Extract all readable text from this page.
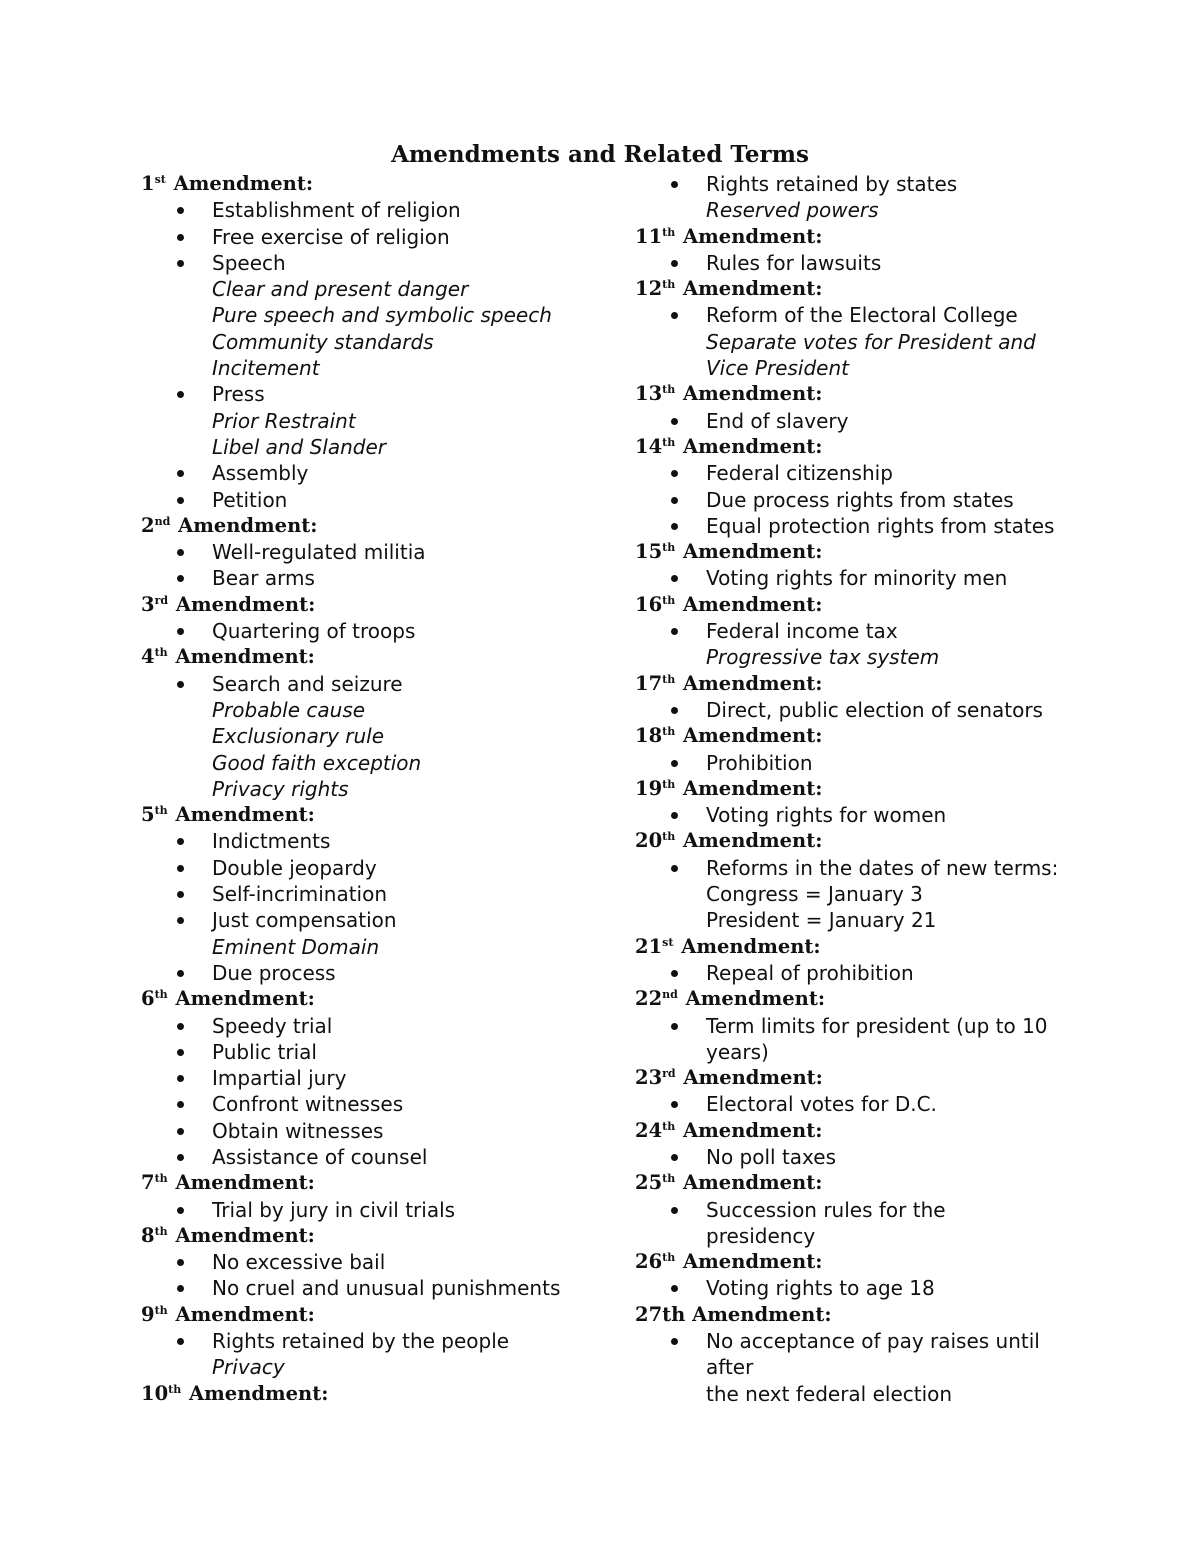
Amendments and Related Terms
1st Amendment:
Establishment of religion
Free exercise of religion
Speech
Clear and present danger
Pure speech and symbolic speech
Community standards
Incitement
Press
Prior Restraint
Libel and Slander
Assembly
Petition
2nd Amendment:
Well-regulated militia
Bear arms
3rd Amendment:
Quartering of troops
4th Amendment:
Search and seizure
Probable cause
Exclusionary rule
Good faith exception
Privacy rights
5th Amendment:
Indictments
Double jeopardy
Self-incrimination
Just compensation
Eminent Domain
Due process
6th Amendment:
Speedy trial
Public trial
Impartial jury
Confront witnesses
Obtain witnesses
Assistance of counsel
7th Amendment:
Trial by jury in civil trials
8th Amendment:
No excessive bail
No cruel and unusual punishments
9th Amendment:
Rights retained by the people
Privacy
10th Amendment:
Rights retained by states
Reserved powers
11th Amendment:
Rules for lawsuits
12th Amendment:
Reform of the Electoral College
Separate votes for President and
Vice President
13th Amendment:
End of slavery
14th Amendment:
Federal citizenship
Due process rights from states
Equal protection rights from states
15th Amendment:
Voting rights for minority men
16th Amendment:
Federal income tax
Progressive tax system
17th Amendment:
Direct, public election of senators
18th Amendment:
Prohibition
19th Amendment:
Voting rights for women
20th Amendment:
Reforms in the dates of new terms:
Congress = January 3
President = January 21
21st Amendment:
Repeal of prohibition
22nd Amendment:
Term limits for president (up to 10
years)
23rd Amendment:
Electoral votes for D.C.
24th Amendment:
No poll taxes
25th Amendment:
Succession rules for the
presidency
26th Amendment:
Voting rights to age 18
27th Amendment:
No acceptance of pay raises until
after
the next federal election
